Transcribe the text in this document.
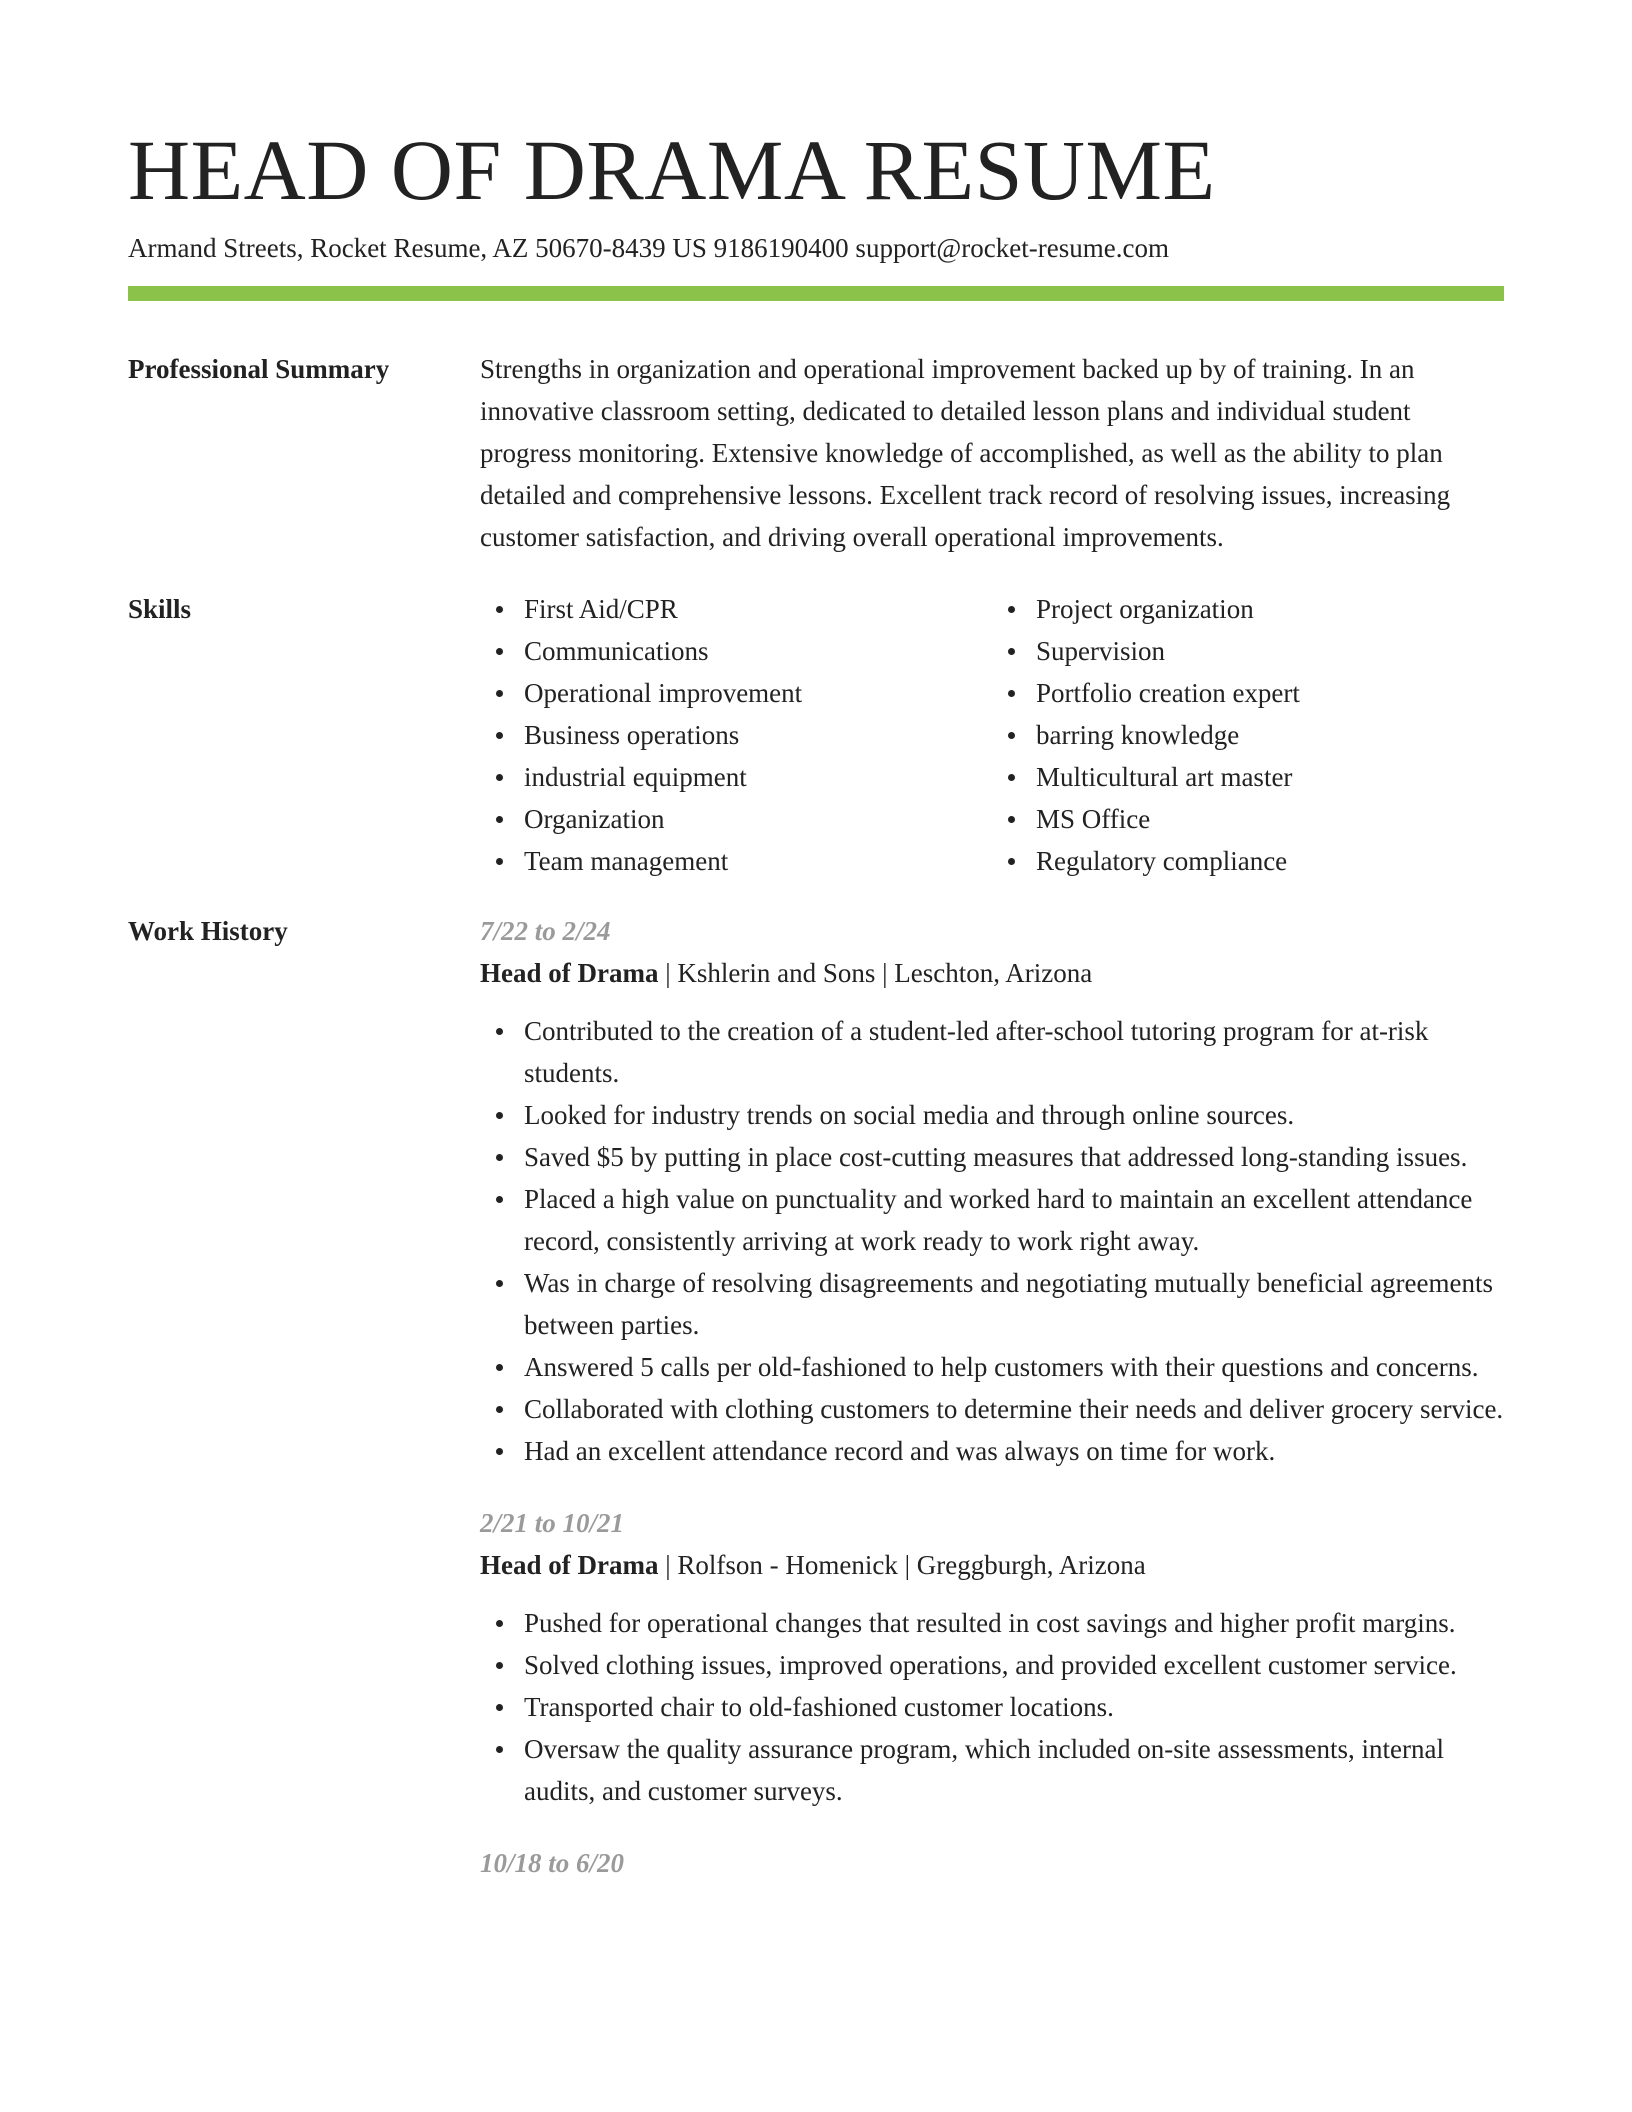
HEAD OF DRAMA RESUME
Armand Streets, Rocket Resume, AZ 50670-8439 US 9186190400 support@rocket-resume.com
Professional Summary	Strengths in organization and operational improvement backed up by of training. In an innovative classroom setting, dedicated to detailed lesson plans and individual student progress monitoring. Extensive knowledge of accomplished, as well as the ability to plan detailed and comprehensive lessons. Excellent track record of resolving issues, increasing customer satisfaction, and driving overall operational improvements.

Skills	First Aid/CPR
Communications
Operational improvement
Business operations
industrial equipment
Organization
Team management
Project organization
Supervision
Portfolio creation expert
barring knowledge
Multicultural art master
MS Office
Regulatory compliance
Work History	7/22 to 2/24
Head of Drama | Kshlerin and Sons | Leschton, Arizona
Contributed to the creation of a student-led after-school tutoring program for at-risk students.
Looked for industry trends on social media and through online sources.
Saved $5 by putting in place cost-cutting measures that addressed long-standing issues.
Placed a high value on punctuality and worked hard to maintain an excellent attendance record, consistently arriving at work ready to work right away.
Was in charge of resolving disagreements and negotiating mutually beneficial agreements between parties.
Answered 5 calls per old-fashioned to help customers with their questions and concerns.
Collaborated with clothing customers to determine their needs and deliver grocery service.
Had an excellent attendance record and was always on time for work.
2/21 to 10/21
Head of Drama | Rolfson - Homenick | Greggburgh, Arizona
Pushed for operational changes that resulted in cost savings and higher profit margins.
Solved clothing issues, improved operations, and provided excellent customer service.
Transported chair to old-fashioned customer locations.
Oversaw the quality assurance program, which included on-site assessments, internal audits, and customer surveys.
10/18 to 6/20
